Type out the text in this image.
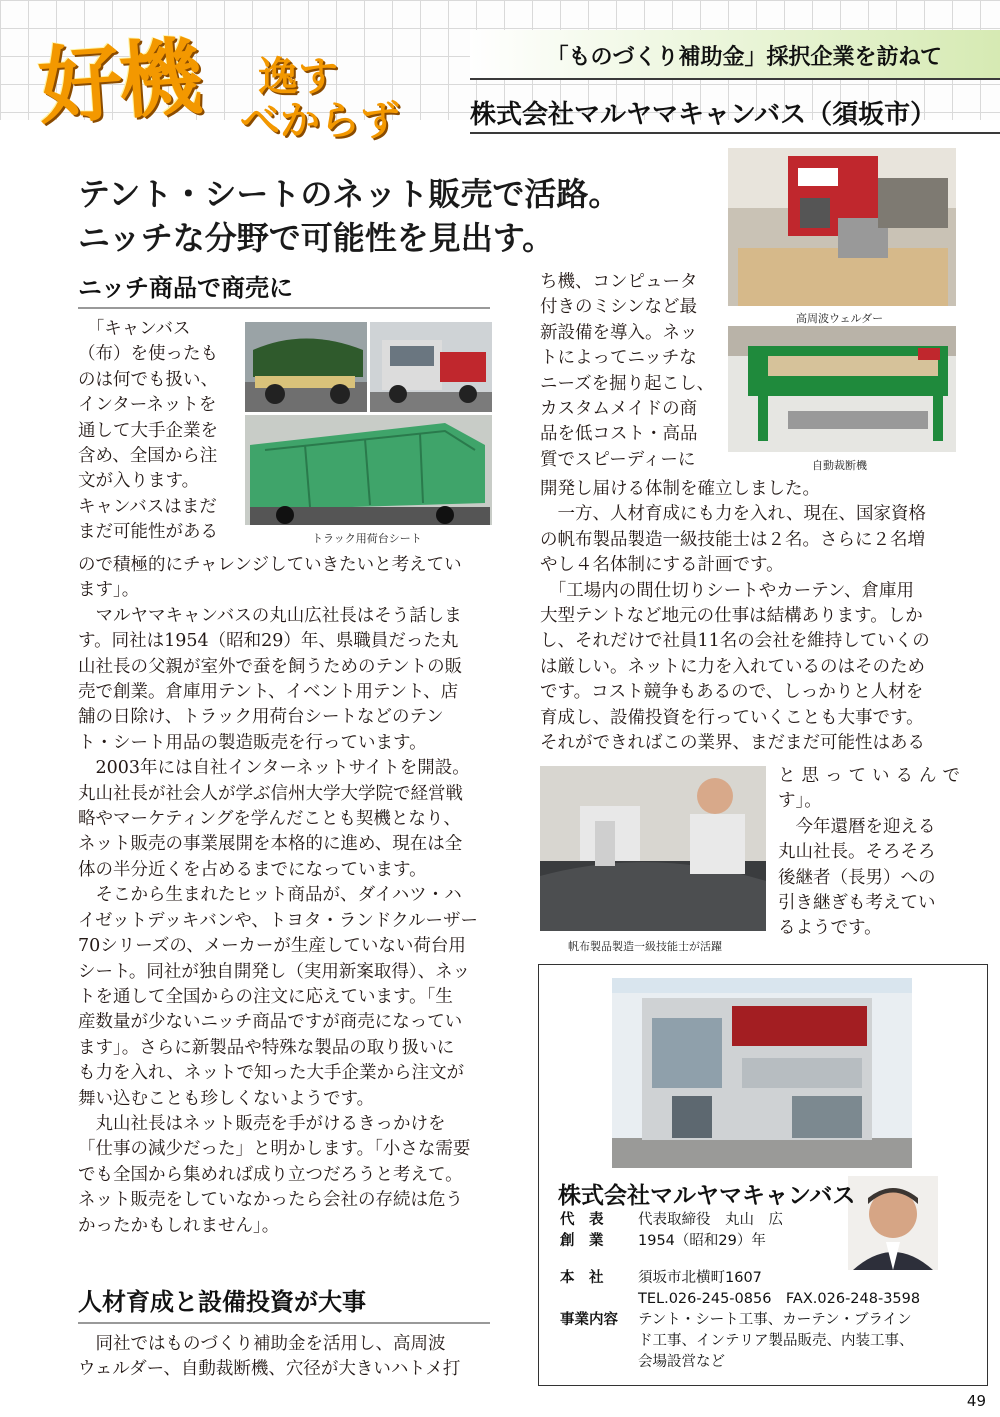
「ものづくり補助金」採択企業を訪ねて
好機	逸す
べからず	株式会社マルヤマキャンバス（須坂市）
テント・シートのネット販売で活路。
ニッチな分野で可能性を見出す。
高周波ウェルダー
自動裁断機
ニッチ商品で商売に
　「キャンバス
（布）を使ったも
のは何でも扱い、
インターネットを
通して大手企業を
含め、全国から注
文が入ります。
キャンバスはまだ
まだ可能性がある	トラック用荷台シート
ので積極的にチャレンジしていきたいと考えてい
ます」。
　マルヤマキャンバスの丸山広社長はそう話しま
す。同社は1954（昭和29）年、県職員だった丸
山社長の父親が室外で蚕を飼うためのテントの販
売で創業。倉庫用テント、イベント用テント、店
舗の日除け、トラック用荷台シートなどのテン
ト・シート用品の製造販売を行っています。
　2003年には自社インターネットサイトを開設。
丸山社長が社会人が学ぶ信州大学大学院で経営戦
略やマーケティングを学んだことも契機となり、
ネット販売の事業展開を本格的に進め、現在は全
体の半分近くを占めるまでになっています。
　そこから生まれたヒット商品が、ダイハツ・ハ
イゼットデッキバンや、トヨタ・ランドクルーザー
70シリーズの、メーカーが生産していない荷台用
シート。同社が独自開発し（実用新案取得）、ネッ
トを通して全国からの注文に応えています。「生
産数量が少ないニッチ商品ですが商売になってい
ます」。さらに新製品や特殊な製品の取り扱いに
も力を入れ、ネットで知った大手企業から注文が
舞い込むことも珍しくないようです。
　丸山社長はネット販売を手がけるきっかけを
「仕事の減少だった」と明かします。「小さな需要
でも全国から集めれば成り立つだろうと考えて。
ネット販売をしていなかったら会社の存続は危う
かったかもしれません」。
人材育成と設備投資が大事
　同社ではものづくり補助金を活用し、高周波
ウェルダー、自動裁断機、穴径が大きいハトメ打
ち機、コンピュータ
付きのミシンなど最
新設備を導入。ネッ
トによってニッチな
ニーズを掘り起こし、
カスタムメイドの商
品を低コスト・高品
質でスピーディーに
開発し届ける体制を確立しました。
　一方、人材育成にも力を入れ、現在、国家資格
の帆布製品製造一級技能士は２名。さらに２名増
やし４名体制にする計画です。
　「工場内の間仕切りシートやカーテン、倉庫用
大型テントなど地元の仕事は結構あります。しか
し、それだけで社員11名の会社を維持していくの
は厳しい。ネットに力を入れているのはそのため
です。コスト競争もあるので、しっかりと人材を
育成し、設備投資を行っていくことも大事です。
それができればこの業界、まだまだ可能性はある
帆布製品製造一級技能士が活躍
と思っているんです」。
　今年還暦を迎える
丸山社長。そろそろ
後継者（長男）への
引き継ぎも考えてい
るようです。
株式会社マルヤマキャンバス
代　表	代表取締役　丸山　広
創　業	1954（昭和29）年
本　社	須坂市北横町1607
TEL.026-245-0856　FAX.026-248-3598
事業内容	テント・シート工事、カーテン・ブライン
ド工事、インテリア製品販売、内装工事、
会場設営など
49
